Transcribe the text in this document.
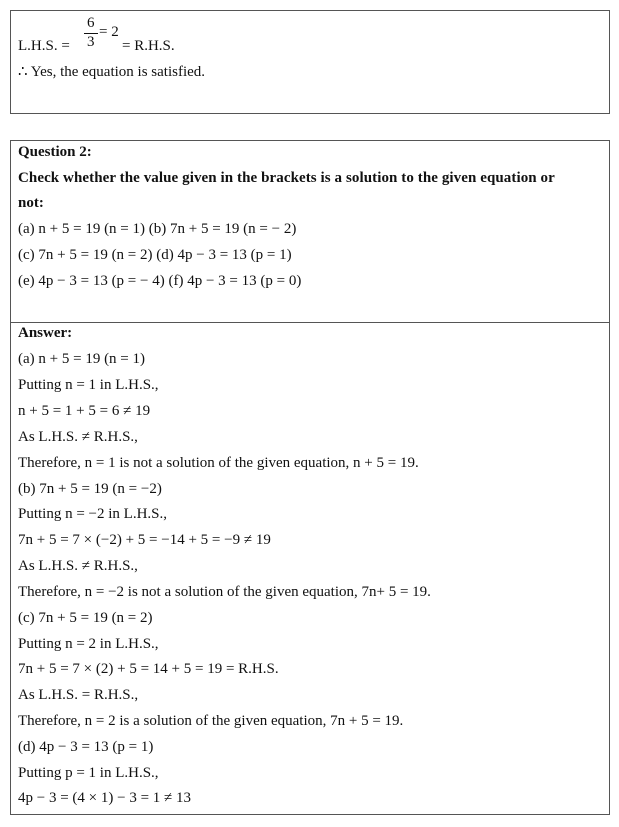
L.H.S. =
6
3
= 2
= R.H.S.
∴ Yes, the equation is satisfied.
Question 2:
Check whether the value given in the brackets is a solution to the given equation or
not:
(a) n + 5 = 19 (n = 1) (b) 7n + 5 = 19 (n = − 2)
(c) 7n + 5 = 19 (n = 2) (d) 4p − 3 = 13 (p = 1)
(e) 4p − 3 = 13 (p = − 4) (f) 4p − 3 = 13 (p = 0)
Answer:
(a) n + 5 = 19 (n = 1)
Putting n = 1 in L.H.S.,
n + 5 = 1 + 5 = 6 ≠ 19
As L.H.S. ≠ R.H.S.,
Therefore, n = 1 is not a solution of the given equation, n + 5 = 19.
(b) 7n + 5 = 19 (n = −2)
Putting n = −2 in L.H.S.,
7n + 5 = 7 × (−2) + 5 = −14 + 5 = −9 ≠ 19
As L.H.S. ≠ R.H.S.,
Therefore, n = −2 is not a solution of the given equation, 7n+ 5 = 19.
(c) 7n + 5 = 19 (n = 2)
Putting n = 2 in L.H.S.,
7n + 5 = 7 × (2) + 5 = 14 + 5 = 19 = R.H.S.
As L.H.S. = R.H.S.,
Therefore, n = 2 is a solution of the given equation, 7n + 5 = 19.
(d) 4p − 3 = 13 (p = 1)
Putting p = 1 in L.H.S.,
4p − 3 = (4 × 1) − 3 = 1 ≠ 13
